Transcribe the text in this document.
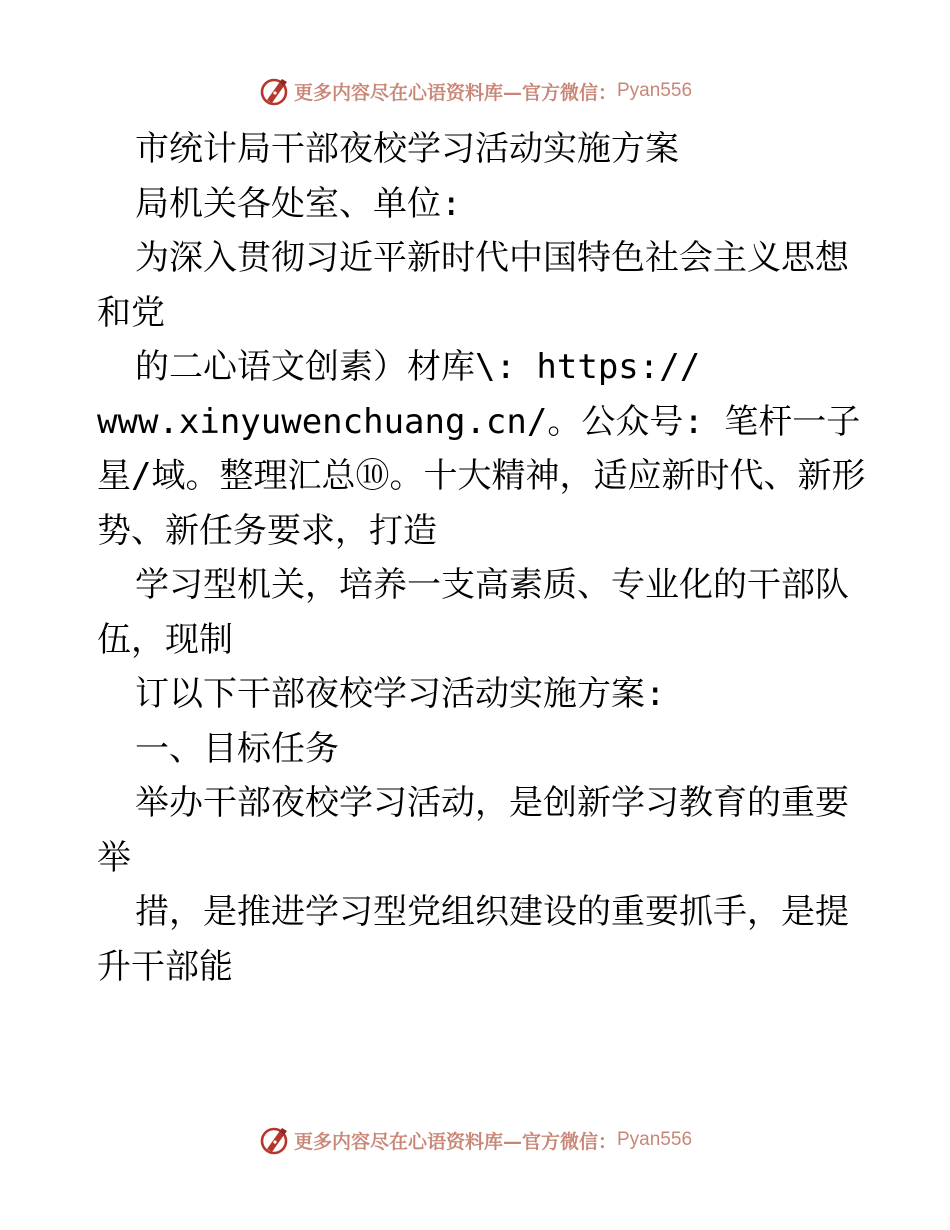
更多内容尽在心语资料库—官方微信： Pyan556
市统计局干部夜校学习活动实施方案
局机关各处室、单位:
为深入贯彻习近平新时代中国特色社会主义思想
和党
的二心语文创素）材库\: https://
www.xinyuwenchuang.cn/。公众号: 笔杆一子
星/域。整理汇总⑩。十大精神，适应新时代、新形
势、新任务要求，打造
学习型机关，培养一支高素质、专业化的干部队
伍，现制
订以下干部夜校学习活动实施方案:
一、目标任务
举办干部夜校学习活动，是创新学习教育的重要
举
措，是推进学习型党组织建设的重要抓手，是提
升干部能
更多内容尽在心语资料库—官方微信： Pyan556
